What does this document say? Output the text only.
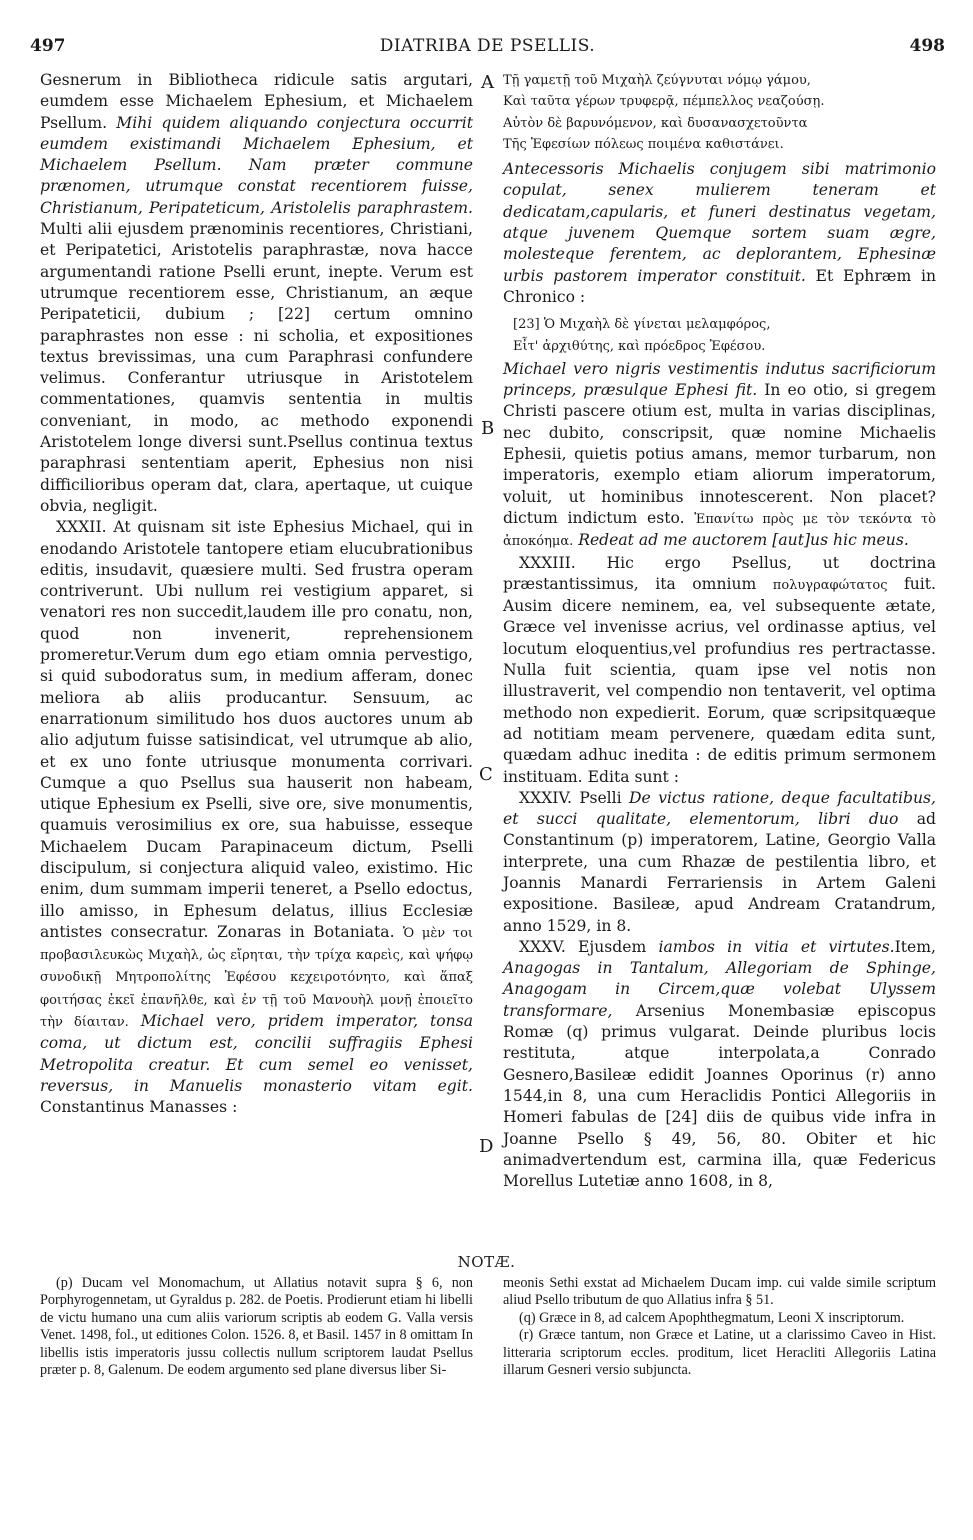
497	DIATRIBA DE PSELLIS.	498
A
B
C
D

Gesnerum in Bibliotheca ridicule satis argutari, eumdem esse Michaelem Ephesium, et Michaelem Psellum. Mihi quidem aliquando conjectura occurrit eumdem existimandi Michaelem Ephesium, et Michaelem Psellum. Nam præter commune prænomen, utrumque constat recentiorem fuisse, Christianum, Peripateticum, Aristolelis paraphrastem. Multi alii ejusdem prænominis recentiores, Christiani, et Peripatetici, Aristotelis paraphrastæ, nova hacce argumentandi ratione Pselli erunt, inepte. Verum est utrumque recentiorem esse, Christianum, an æque Peripateticii, dubium ; [22] certum omnino paraphrastes non esse : ni scholia, et expositiones textus brevissimas, una cum Paraphrasi confundere velimus. Conferantur utriusque in Aristotelem commentationes, quamvis sententia in multis conveniant, in modo, ac methodo exponendi Aristotelem longe diversi sunt.Psellus continua textus paraphrasi sententiam aperit, Ephesius non nisi difficilioribus operam dat, clara, apertaque, ut cuique obvia, negligit.

XXXII. At quisnam sit iste Ephesius Michael, qui in enodando Aristotele tantopere etiam elucubrationibus editis, insudavit, quæsiere multi. Sed frustra operam contriverunt. Ubi nullum rei vestigium apparet, si venatori res non succedit,laudem ille pro conatu, non, quod non invenerit, reprehensionem promeretur.Verum dum ego etiam omnia pervestigo, si quid subodoratus sum, in medium afferam, donec meliora ab aliis producantur. Sensuum, ac enarrationum similitudo hos duos auctores unum ab alio adjutum fuisse satisindicat, vel utrumque ab alio, et ex uno fonte utriusque monumenta corrivari. Cumque a quo Psellus sua hauserit non habeam, utique Ephesium ex Pselli, sive ore, sive monumentis, quamuis verosimilius ex ore, sua habuisse, esseque Michaelem Ducam Parapinaceum dictum, Pselli discipulum, si conjectura aliquid valeo, existimo. Hic enim, dum summam imperii teneret, a Psello edoctus, illo amisso, in Ephesum delatus, illius Ecclesiæ antistes consecratur. Zonaras in Botaniata. Ὁ μὲν τοι προβασιλευκὼς Μιχαὴλ, ὡς εἴρηται, τὴν τρίχα καρεὶς, καὶ ψήφῳ συνοδικῇ Μητροπολίτης Ἐφέσου κεχειροτόνητο, καὶ ἅπαξ φοιτήσας ἐκεῖ ἐπανῆλθε, καὶ ἐν τῇ τοῦ Μανουὴλ μονῇ ἐποιεῖτο τὴν δίαιταν. Michael vero, pridem imperator, tonsa coma, ut dictum est, concilii suffragiis Ephesi Metropolita creatur. Et cum semel eo venisset, reversus, in Manuelis monasterio vitam egit. Constantinus Manasses :

Τῇ γαμετῇ τοῦ Μιχαὴλ ζεύγνυται νόμῳ γάμου,
Καὶ ταῦτα γέρων τρυφερᾷ, πέμπελλος νεαζούσῃ.
Αὐτὸν δὲ βαρυνόμενον, καὶ δυσανασχετοῦντα
Τῆς Ἐφεσίων πόλεως ποιμένα καθιστάνει.

Antecessoris Michaelis conjugem sibi matrimonio copulat, senex mulierem teneram et dedicatam,capularis, et funeri destinatus vegetam, atque juvenem Quemque sortem suam ægre, molesteque ferentem, ac deplorantem, Ephesinæ urbis pastorem imperator constituit. Et Ephræm in Chronico :

[23] Ὁ Μιχαὴλ δὲ γίνεται μελαμφόρος,
Εἶτ' ἀρχιθύτης, καὶ πρόεδρος Ἐφέσου.

Michael vero nigris vestimentis indutus sacrificiorum princeps, præsulque Ephesi fit. In eo otio, si gregem Christi pascere otium est, multa in varias disciplinas, nec dubito, conscripsit, quæ nomine Michaelis Ephesii, quietis potius amans, memor turbarum, non imperatoris, exemplo etiam aliorum imperatorum, voluit, ut hominibus innotescerent. Non placet? dictum indictum esto. Ἐπανίτω πρὸς με τὸν τεκόντα τὸ ἀποκόημα. Redeat ad me auctorem [aut]us hic meus.

XXXIII. Hic ergo Psellus, ut doctrina præstantissimus, ita omnium πολυγραφώτατος fuit. Ausim dicere neminem, ea, vel subsequente ætate, Græce vel invenisse acrius, vel ordinasse aptius, vel locutum eloquentius,vel profundius res pertractasse. Nulla fuit scientia, quam ipse vel notis non illustraverit, vel compendio non tentaverit, vel optima methodo non expedierit. Eorum, quæ scripsitquæque ad notitiam meam pervenere, quædam edita sunt, quædam adhuc inedita : de editis primum sermonem instituam. Edita sunt :

XXXIV. Pselli De victus ratione, deque facultatibus, et succi qualitate, elementorum, libri duo ad Constantinum (p) imperatorem, Latine, Georgio Valla interprete, una cum Rhazæ de pestilentia libro, et Joannis Manardi Ferrariensis in Artem Galeni expositione. Basileæ, apud Andream Cratandrum, anno 1529, in 8.

XXXV. Ejusdem iambos in vitia et virtutes.Item, Anagogas in Tantalum, Allegoriam de Sphinge, Anagogam in Circem,quæ volebat Ulyssem transformare, Arsenius Monembasiæ episcopus Romæ (q) primus vulgarat. Deinde pluribus locis restituta, atque interpolata,a Conrado Gesnero,Basileæ edidit Joannes Oporinus (r) anno 1544,in 8, una cum Heraclidis Pontici Allegoriis in Homeri fabulas de [24] diis de quibus vide infra in Joanne Psello § 49, 56, 80. Obiter et hic animadvertendum est, carmina illa, quæ Federicus Morellus Lutetiæ anno 1608, in 8,

NOTÆ.

(p) Ducam vel Monomachum, ut Allatius notavit supra § 6, non Porphyrogennetam, ut Gyraldus p. 282. de Poetis. Prodierunt etiam hi libelli de victu humano una cum aliis variorum scriptis ab eodem G. Valla versis Venet. 1498, fol., ut editiones Colon. 1526. 8, et Basil. 1457 in 8 omittam In libellis istis imperatoris jussu collectis nullum scriptorem laudat Psellus præter p. 8, Galenum. De eodem argumento sed plane diversus liber Si-

meonis Sethi exstat ad Michaelem Ducam imp. cui valde simile scriptum aliud Psello tributum de quo Allatius infra § 51.

(q) Græce in 8, ad calcem Apophthegmatum, Leoni X inscriptorum.

(r) Græce tantum, non Græce et Latine, ut a clarissimo Caveo in Hist. litteraria scriptorum eccles. proditum, licet Heracliti Allegoriis Latina illarum Gesneri versio subjuncta.
